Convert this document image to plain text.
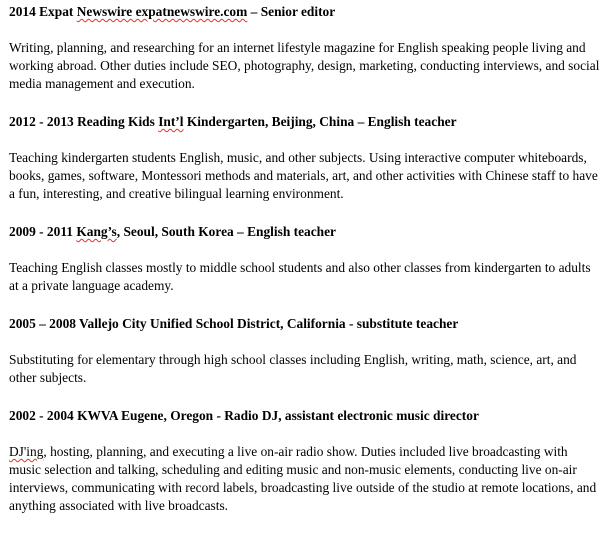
2014 Expat Newswire expatnewswire.com – Senior editor

Writing, planning, and researching for an internet lifestyle magazine for English speaking people living and working abroad. Other duties include SEO, photography, design, marketing, conducting interviews, and social media management and execution.

2012 - 2013 Reading Kids Int’l Kindergarten, Beijing, China – English teacher

Teaching kindergarten students English, music, and other subjects. Using interactive computer whiteboards, books, games, software, Montessori methods and materials, art, and other activities with Chinese staff to have a fun, interesting, and creative bilingual learning environment.

2009 - 2011 Kang’s, Seoul, South Korea – English teacher

Teaching English classes mostly to middle school students and also other classes from kindergarten to adults at a private language academy.

2005 – 2008 Vallejo City Unified School District, California - substitute teacher

Substituting for elementary through high school classes including English, writing, math, science, art, and other subjects.

2002 - 2004 KWVA Eugene, Oregon - Radio DJ, assistant electronic music director

DJ'ing, hosting, planning, and executing a live on-air radio show. Duties included live broadcasting with music selection and talking, scheduling and editing music and non-music elements, conducting live on-air interviews, communicating with record labels, broadcasting live outside of the studio at remote locations, and anything associated with live broadcasts.
